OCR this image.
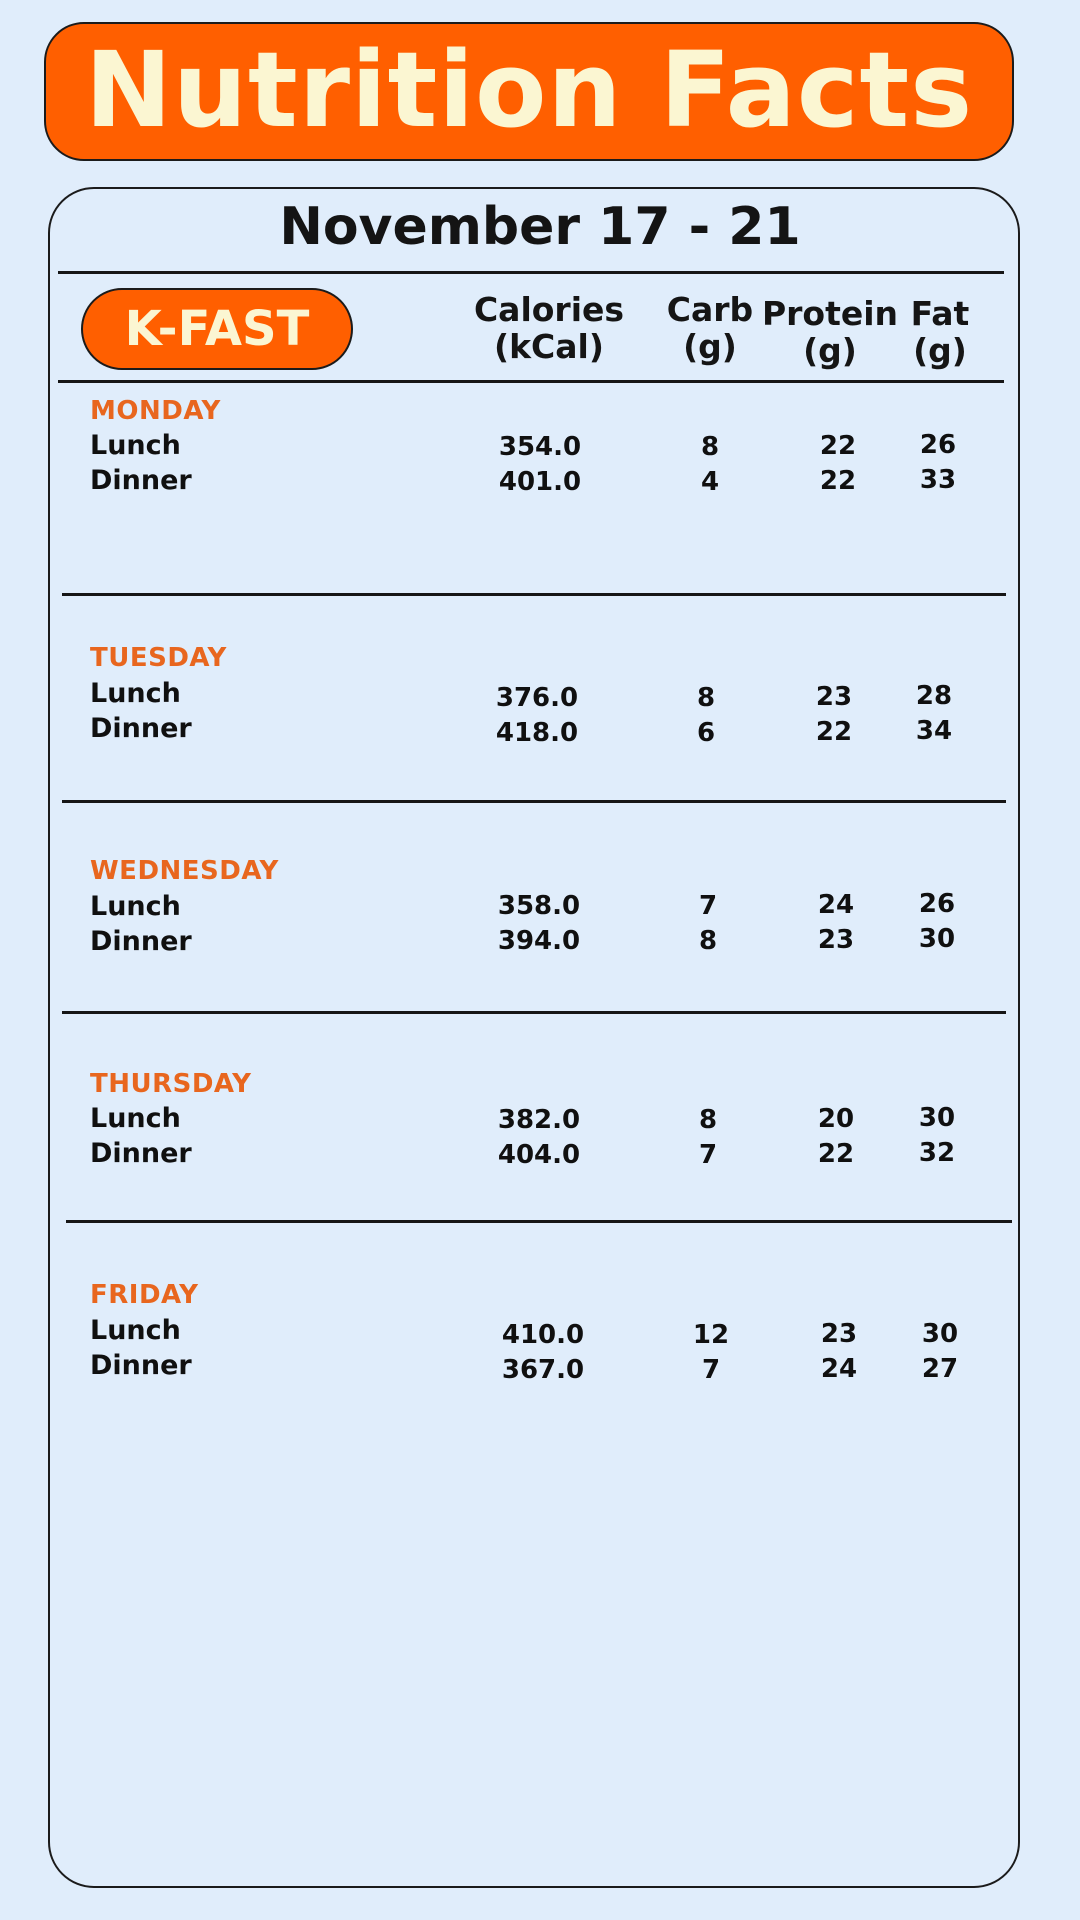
Nutrition Facts
November 17 - 21
K-FAST	Calories
(kCal)
Carb
(g)
Protein
(g)
Fat
(g)
MONDAY
Lunch
Dinner
354.0
401.0
8
4
22
22
26
33
TUESDAY
Lunch
Dinner
376.0
418.0
8
6
23
22
28
34
WEDNESDAY
Lunch
Dinner
358.0
394.0
7
8
24
23
26
30
THURSDAY
Lunch
Dinner
382.0
404.0
8
7
20
22
30
32
FRIDAY
Lunch
Dinner
410.0
367.0
12
7
23
24
30
27
